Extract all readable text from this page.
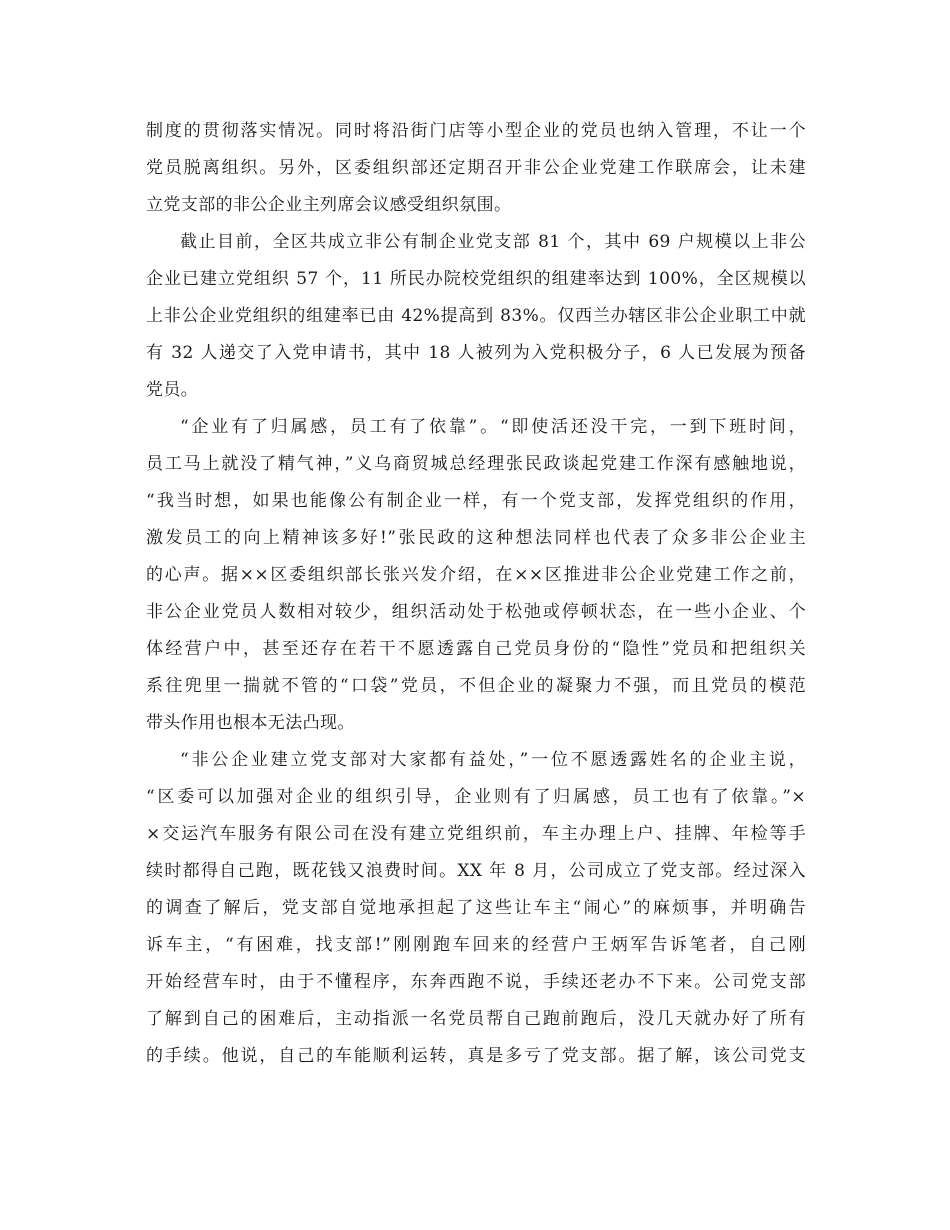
制度的贯彻落实情况。同时将沿街门店等小型企业的党员也纳入管理，不让一个
党员脱离组织。另外，区委组织部还定期召开非公企业党建工作联席会，让未建
立党支部的非公企业主列席会议感受组织氛围。
截止目前，全区共成立非公有制企业党支部 81 个，其中 69 户规模以上非公
企业已建立党组织 57 个，11 所民办院校党组织的组建率达到 100%，全区规模以
上非公企业党组织的组建率已由 42%提高到 83%。仅西兰办辖区非公企业职工中就
有 32 人递交了入党申请书，其中 18 人被列为入党积极分子，6 人已发展为预备
党员。
“企业有了归属感，员工有了依靠”。“即使活还没干完，一到下班时间，
员工马上就没了精气神，”义乌商贸城总经理张民政谈起党建工作深有感触地说，
“我当时想，如果也能像公有制企业一样，有一个党支部，发挥党组织的作用，
激发员工的向上精神该多好!”张民政的这种想法同样也代表了众多非公企业主
的心声。据××区委组织部长张兴发介绍，在××区推进非公企业党建工作之前，
非公企业党员人数相对较少，组织活动处于松弛或停顿状态，在一些小企业、个
体经营户中，甚至还存在若干不愿透露自己党员身份的“隐性”党员和把组织关
系往兜里一揣就不管的“口袋”党员，不但企业的凝聚力不强，而且党员的模范
带头作用也根本无法凸现。
“非公企业建立党支部对大家都有益处，”一位不愿透露姓名的企业主说，
“区委可以加强对企业的组织引导，企业则有了归属感，员工也有了依靠。”×
×交运汽车服务有限公司在没有建立党组织前，车主办理上户、挂牌、年检等手
续时都得自己跑，既花钱又浪费时间。XX 年 8 月，公司成立了党支部。经过深入
的调查了解后，党支部自觉地承担起了这些让车主“闹心”的麻烦事，并明确告
诉车主，“有困难，找支部!”刚刚跑车回来的经营户王炳军告诉笔者，自己刚
开始经营车时，由于不懂程序，东奔西跑不说，手续还老办不下来。公司党支部
了解到自己的困难后，主动指派一名党员帮自己跑前跑后，没几天就办好了所有
的手续。他说，自己的车能顺利运转，真是多亏了党支部。据了解，该公司党支
